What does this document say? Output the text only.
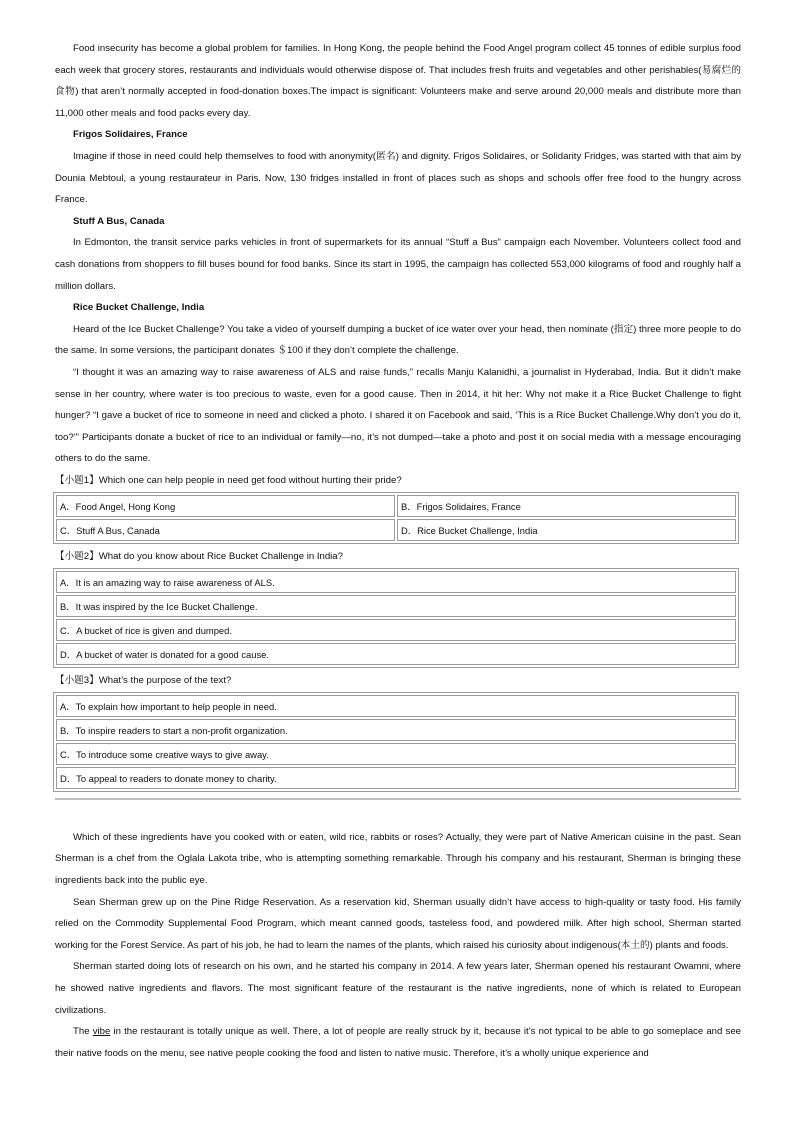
Food insecurity has become a global problem for families. In Hong Kong, the people behind the Food Angel program collect 45 tonnes of edible surplus food each week that grocery stores, restaurants and individuals would otherwise dispose of. That includes fresh fruits and vegetables and other perishables(易腐烂的食物) that aren’t normally accepted in food-donation boxes.The impact is significant: Volunteers make and serve around 20,000 meals and distribute more than 11,000 other meals and food packs every day.

Frigos Solidaires, France

Imagine if those in need could help themselves to food with anonymity(匿名) and dignity. Frigos Solidaires, or Solidarity Fridges, was started with that aim by Dounia Mebtoul, a young restaurateur in Paris. Now, 130 fridges installed in front of places such as shops and schools offer free food to the hungry across France.

Stuff A Bus, Canada

In Edmonton, the transit service parks vehicles in front of supermarkets for its annual “Stuff a Bus” campaign each November. Volunteers collect food and cash donations from shoppers to fill buses bound for food banks. Since its start in 1995, the campaign has collected 553,000 kilograms of food and roughly half a million dollars.

Rice Bucket Challenge, India

Heard of the Ice Bucket Challenge? You take a video of yourself dumping a bucket of ice water over your head, then nominate (指定) three more people to do the same. In some versions, the participant donates ＄100 if they don’t complete the challenge.

“I thought it was an amazing way to raise awareness of ALS and raise funds,” recalls Manju Kalanidhi, a journalist in Hyderabad, India. But it didn’t make sense in her country, where water is too precious to waste, even for a good cause. Then in 2014, it hit her: Why not make it a Rice Bucket Challenge to fight hunger? “I gave a bucket of rice to someone in need and clicked a photo. I shared it on Facebook and said, ‘This is a Rice Bucket Challenge.Why don’t you do it, too?’” Participants donate a bucket of rice to an individual or family—no, it’s not dumped—take a photo and post it on social media with a message encouraging others to do the same.

【小题1】Which one can help people in need get food without hurting their pride?

A．Food Angel, Hong Kong	B．Frigos Solidaires, France
C．Stuff A Bus, Canada	D．Rice Bucket Challenge, India

【小题2】What do you know about Rice Bucket Challenge in India?

A．It is an amazing way to raise awareness of ALS.
B．It was inspired by the Ice Bucket Challenge.
C．A bucket of rice is given and dumped.
D．A bucket of water is donated for a good cause.

【小题3】What’s the purpose of the text?

A．To explain how important to help people in need.
B．To inspire readers to start a non-profit organization.
C．To introduce some creative ways to give away.
D．To appeal to readers to donate money to charity.

Which of these ingredients have you cooked with or eaten, wild rice, rabbits or roses? Actually, they were part of Native American cuisine in the past. Sean Sherman is a chef from the Oglala Lakota tribe, who is attempting something remarkable. Through his company and his restaurant, Sherman is bringing these ingredients back into the public eye.

Sean Sherman grew up on the Pine Ridge Reservation. As a reservation kid, Sherman usually didn’t have access to high-quality or tasty food. His family relied on the Commodity Supplemental Food Program, which meant canned goods, tasteless food, and powdered milk. After high school, Sherman started working for the Forest Service. As part of his job, he had to learn the names of the plants, which raised his curiosity about indigenous(本土的) plants and foods.

Sherman started doing lots of research on his own, and he started his company in 2014. A few years later, Sherman opened his restaurant Owamni, where he showed native ingredients and flavors. The most significant feature of the restaurant is the native ingredients, none of which is related to European civilizations.

The vibe in the restaurant is totally unique as well. There, a lot of people are really struck by it, because it’s not typical to be able to go someplace and see their native foods on the menu, see native people cooking the food and listen to native music. Therefore, it’s a wholly unique experience and
